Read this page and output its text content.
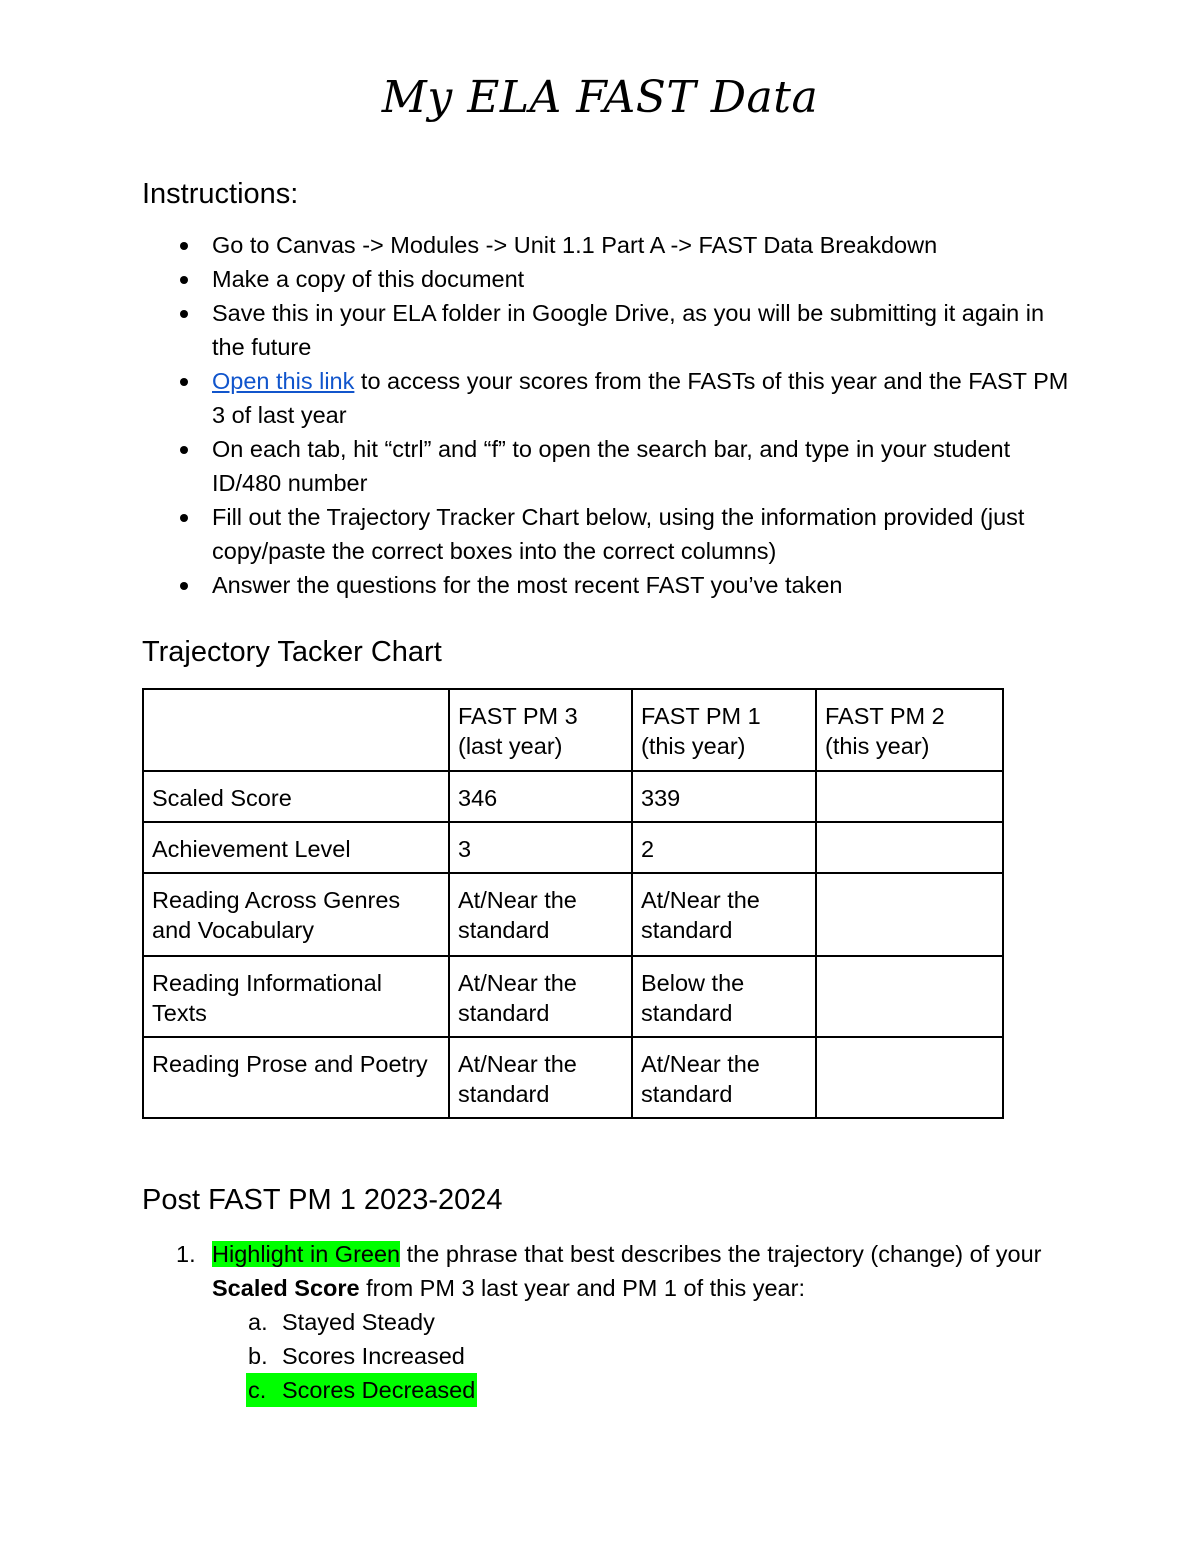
My ELA FAST Data
Instructions:
Go to Canvas -> Modules -> Unit 1.1 Part A -> FAST Data Breakdown
Make a copy of this document
Save this in your ELA folder in Google Drive, as you will be submitting it again in the future
Open this link to access your scores from the FASTs of this year and the FAST PM 3 of last year
On each tab, hit “ctrl” and “f” to open the search bar, and type in your student ID/480 number
Fill out the Trajectory Tracker Chart below, using the information provided (just copy/paste the correct boxes into the correct columns)
Answer the questions for the most recent FAST you’ve taken
Trajectory Tacker Chart
	FAST PM 3 (last year)	FAST PM 1 (this year)	FAST PM 2 (this year)
Scaled Score	346	339	
Achievement Level	3	2	
Reading Across Genres and Vocabulary	At/Near the standard	At/Near the standard	
Reading Informational Texts	At/Near the standard	Below the standard	
Reading Prose and Poetry	At/Near the standard	At/Near the standard	
Post FAST PM 1 2023-2024
1. Highlight in Green the phrase that best describes the trajectory (change) of your Scaled Score from PM 3 last year and PM 1 of this year:
a. Stayed Steady
b. Scores Increased
c. Scores Decreased
